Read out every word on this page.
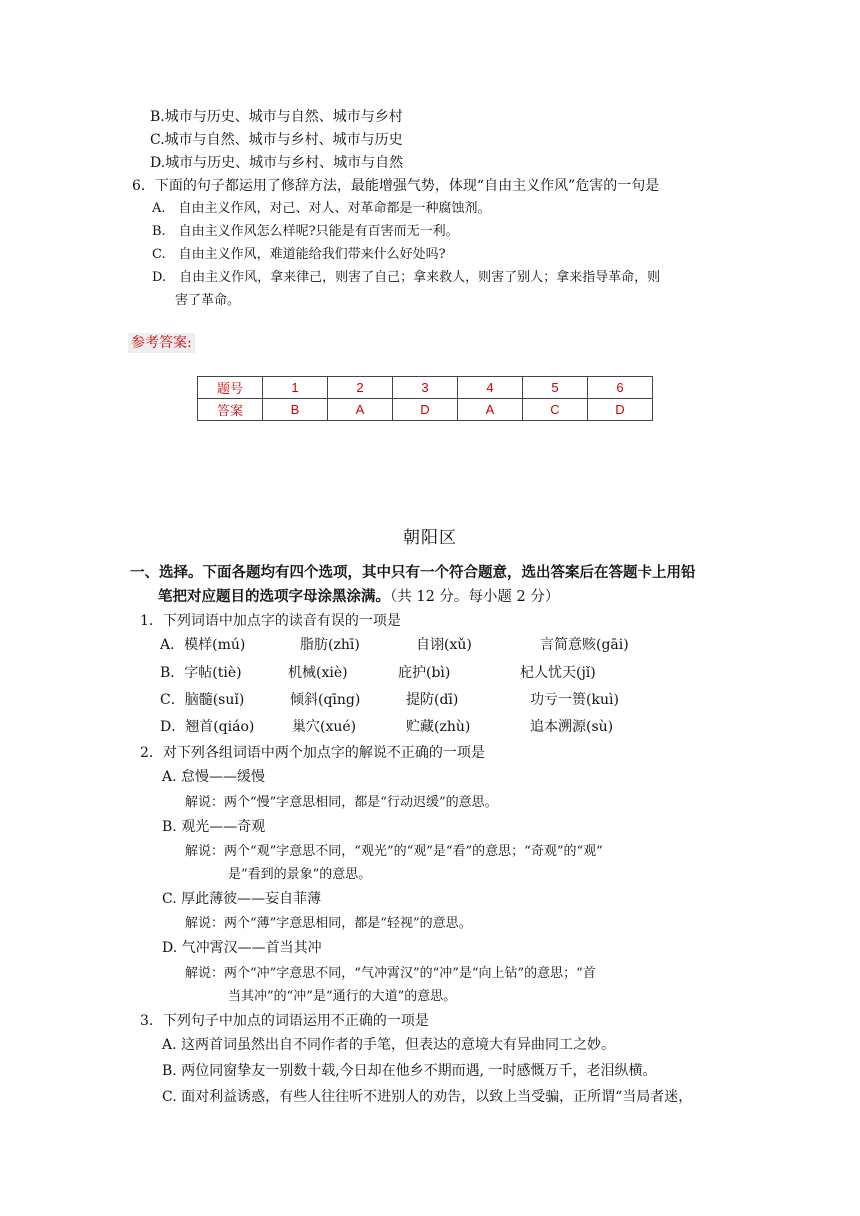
B.城市与历史、城市与自然、城市与乡村
C.城市与自然、城市与乡村、城市与历史
D.城市与历史、城市与乡村、城市与自然
6．下面的句子都运用了修辞方法，最能增强气势，体现“自由主义作风”危害的一句是
A.　自由主义作风，对己、对人、对革命都是一种腐蚀剂。
B.　自由主义作风怎么样呢?只能是有百害而无一利。
C.　自由主义作风，难道能给我们带来什么好处吗?
D.　自由主义作风，拿来律己，则害了自己；拿来救人，则害了别人；拿来指导革命，则
害了革命。
参考答案:
题号	1	2	3	4	5	6
答案	B	A	D	A	C	D
朝阳区
一、选择。下面各题均有四个选项，其中只有一个符合题意，选出答案后在答题卡上用铅
笔把对应题目的选项字母涂黑涂满。（共 12 分。每小题 2 分）
1．下列词语中加点字的读音有误的一项是
A．模样(mú)	脂肪(zhī)	自诩(xǔ)	言简意赅(gāi)
B．字帖(tiè)	机械(xiè)	庇护(bì)	杞人忧天(jǐ)
C．脑髓(suǐ)	倾斜(qīng)	提防(dī)	功亏一篑(kuì)
D．翘首(qiáo)	巢穴(xué)	贮藏(zhù)	追本溯源(sù)
2．对下列各组词语中两个加点字的解说不正确的一项是
A. 怠慢——缓慢
解说：两个“慢”字意思相同，都是“行动迟缓”的意思。
B. 观光——奇观
解说：两个“观”字意思不同，“观光”的“观”是“看”的意思；“奇观”的“观”
是“看到的景象”的意思。
C. 厚此薄彼——妄自菲薄
解说：两个“薄”字意思相同，都是“轻视”的意思。
D. 气冲霄汉——首当其冲
解说：两个“冲”字意思不同，“气冲霄汉”的“冲”是“向上钻”的意思；“首
当其冲”的“冲”是“通行的大道”的意思。
3．下列句子中加点的词语运用不正确的一项是
A. 这两首词虽然出自不同作者的手笔，但表达的意境大有异曲同工之妙。
B. 两位同窗挚友一别数十载,今日却在他乡不期而遇, 一时感慨万千，老泪纵横。
C. 面对利益诱惑，有些人往往听不进别人的劝告，以致上当受骗，正所谓“当局者迷，
